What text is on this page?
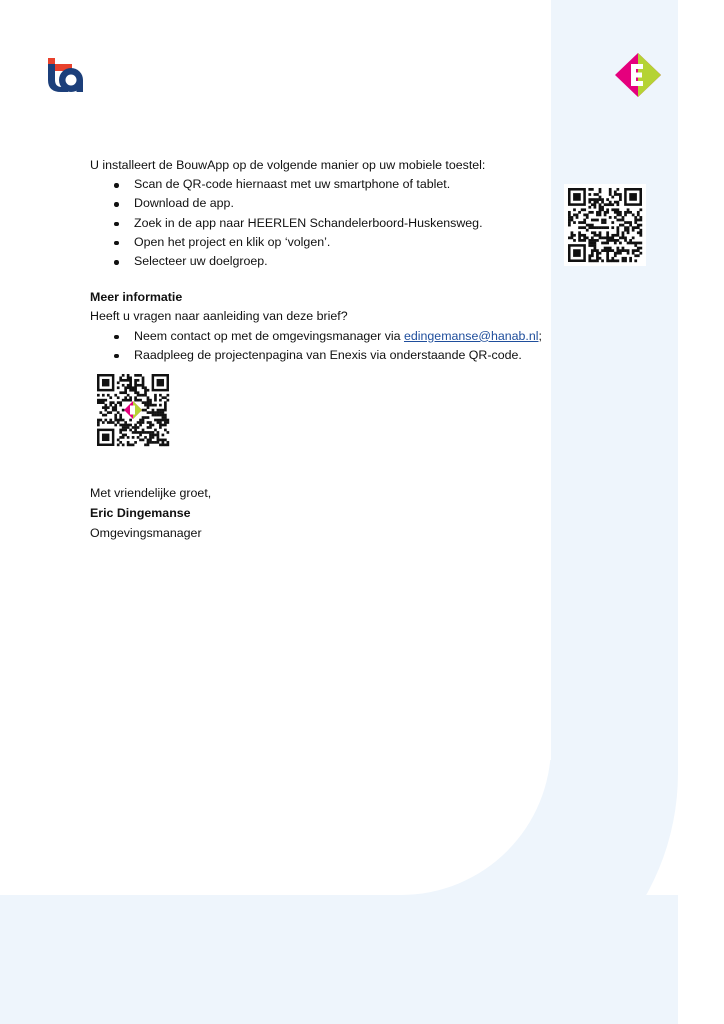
U installeert de BouwApp op de volgende manier op uw mobiele toestel:

Scan de QR-code hiernaast met uw smartphone of tablet.
Download de app.
Zoek in de app naar HEERLEN Schandelerboord-Huskensweg.
Open het project en klik op ‘volgen’.
Selecteer uw doelgroep.

Meer informatie

Heeft u vragen naar aanleiding van deze brief?

Neem contact op met de omgevingsmanager via edingemanse@hanab.nl;
Raadpleeg de projectenpagina van Enexis via onderstaande QR-code.

Met vriendelijke groet,

Eric Dingemanse

Omgevingsmanager
